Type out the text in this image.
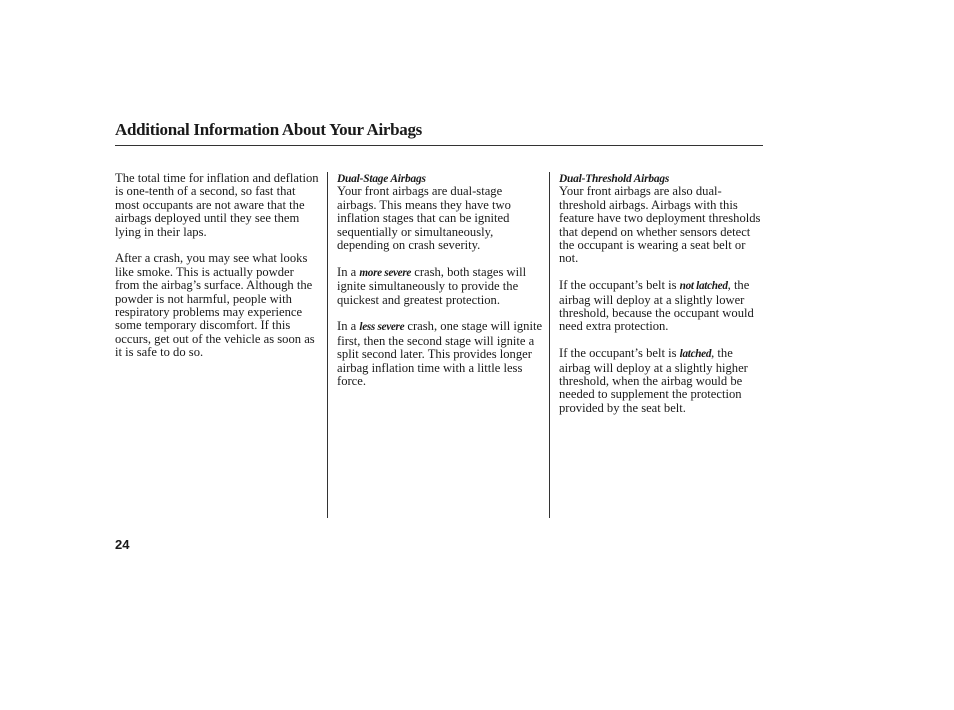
Additional Information About Your Airbags

The total time for inflation and deflation is one-tenth of a second, so fast that most occupants are not aware that the airbags deployed until they see them lying in their laps.

After a crash, you may see what looks like smoke. This is actually powder from the airbag’s surface. Although the powder is not harmful, people with respiratory problems may experience some temporary discomfort. If this occurs, get out of the vehicle as soon as it is safe to do so.

Dual-Stage Airbags

Your front airbags are dual-stage airbags. This means they have two inflation stages that can be ignited sequentially or simultaneously, depending on crash severity.

In a more severe crash, both stages will ignite simultaneously to provide the quickest and greatest protection.

In a less severe crash, one stage will ignite first, then the second stage will ignite a split second later. This provides longer airbag inflation time with a little less force.

Dual-Threshold Airbags

Your front airbags are also dual-threshold airbags. Airbags with this feature have two deployment thresholds that depend on whether sensors detect the occupant is wearing a seat belt or not.

If the occupant’s belt is not latched, the airbag will deploy at a slightly lower threshold, because the occupant would need extra protection.

If the occupant’s belt is latched, the airbag will deploy at a slightly higher threshold, when the airbag would be needed to supplement the protection provided by the seat belt.

24
